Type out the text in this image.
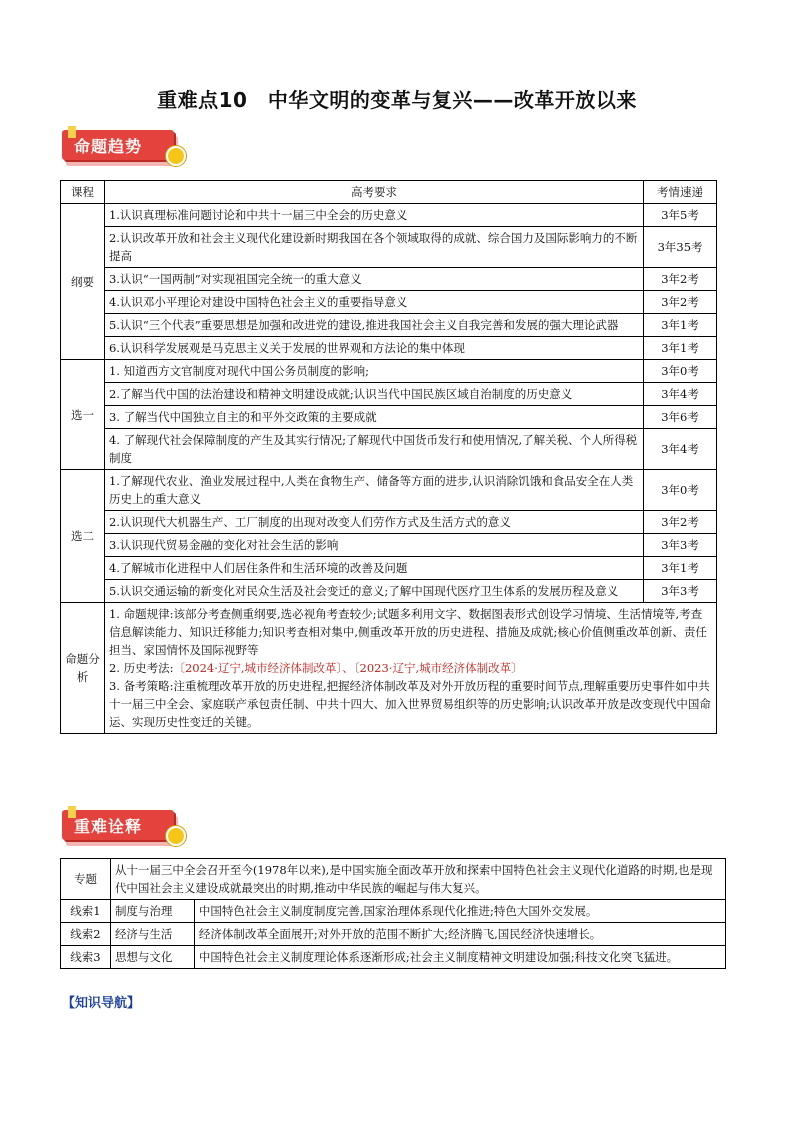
重难点10　中华文明的变革与复兴——改革开放以来
命题趋势
课程	高考要求	考情速递
纲要	1.认识真理标准问题讨论和中共十一届三中全会的历史意义	3年5考
	2.认识改革开放和社会主义现代化建设新时期我国在各个领域取得的成就、综合国力及国际影响力的不断提高	3年35考
	3.认识“一国两制”对实现祖国完全统一的重大意义	3年2考
	4.认识邓小平理论对建设中国特色社会主义的重要指导意义	3年2考
	5.认识“三个代表”重要思想是加强和改进党的建设,推进我国社会主义自我完善和发展的强大理论武器	3年1考
	6.认识科学发展观是马克思主义关于发展的世界观和方法论的集中体现	3年1考
选一	1. 知道西方文官制度对现代中国公务员制度的影响;	3年0考
	2.了解当代中国的法治建设和精神文明建设成就;认识当代中国民族区域自治制度的历史意义	3年4考
	3. 了解当代中国独立自主的和平外交政策的主要成就	3年6考
	4. 了解现代社会保障制度的产生及其实行情况;了解现代中国货币发行和使用情况,了解关税、个人所得税制度	3年4考
选二	1.了解现代农业、渔业发展过程中,人类在食物生产、储备等方面的进步,认识消除饥饿和食品安全在人类历史上的重大意义	3年0考
	2.认识现代大机器生产、工厂制度的出现对改变人们劳作方式及生活方式的意义	3年2考
	3.认识现代贸易金融的变化对社会生活的影响	3年3考
	4.了解城市化进程中人们居住条件和生活环境的改善及问题	3年1考
	5.认识交通运输的新变化对民众生活及社会变迁的意义;了解中国现代医疗卫生体系的发展历程及意义	3年3考
命题分析	1. 命题规律:该部分考查侧重纲要,选必视角考查较少;试题多利用文字、数据图表形式创设学习情境、生活情境等,考查信息解读能力、知识迁移能力;知识考查相对集中,侧重改革开放的历史进程、措施及成就;核心价值侧重改革创新、责任担当、家国情怀及国际视野等
2. 历史考法:〔2024·辽宁,城市经济体制改革〕、〔2023·辽宁,城市经济体制改革〕
3. 备考策略:注重梳理改革开放的历史进程,把握经济体制改革及对外开放历程的重要时间节点,理解重要历史事件如中共十一届三中全会、家庭联产承包责任制、中共十四大、加入世界贸易组织等的历史影响;认识改革开放是改变现代中国命运、实现历史性变迁的关键。	
重难诠释
专题	从十一届三中全会召开至今(1978年以来),是中国实施全面改革开放和探索中国特色社会主义现代化道路的时期,也是现代中国社会主义建设成就最突出的时期,推动中华民族的崛起与伟大复兴。	
线索1	制度与治理	中国特色社会主义制度制度完善,国家治理体系现代化推进;特色大国外交发展。
线索2	经济与生活	经济体制改革全面展开;对外开放的范围不断扩大;经济腾飞,国民经济快速增长。
线索3	思想与文化	中国特色社会主义制度理论体系逐渐形成;社会主义制度精神文明建设加强;科技文化突飞猛进。
【知识导航】
